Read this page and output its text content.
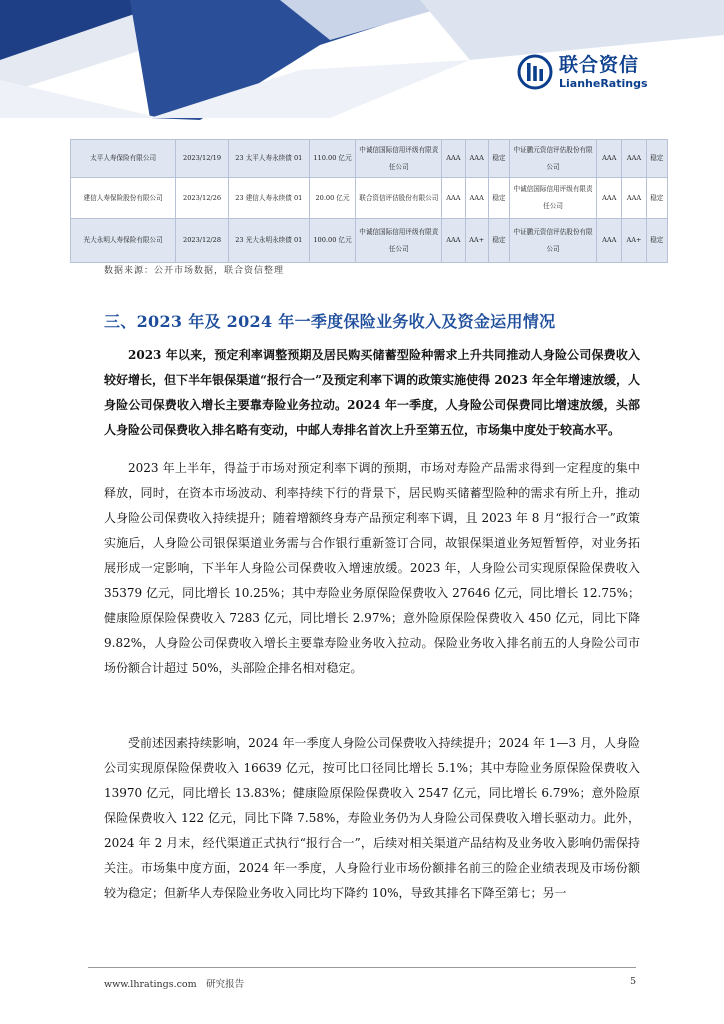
联合资信
LianheRatings
太平人寿保险有限公司	2023/12/19	23 太平人寿永续债 01	110.00 亿元	中诚信国际信用评级有限责任公司	AAA	AAA	稳定	中证鹏元资信评估股份有限公司	AAA	AAA	稳定
建信人寿保险股份有限公司	2023/12/26	23 建信人寿永续债 01	20.00 亿元	联合资信评估股份有限公司	AAA	AAA	稳定	中诚信国际信用评级有限责任公司	AAA	AAA	稳定
光大永明人寿保险有限公司	2023/12/28	23 光大永明永续债 01	100.00 亿元	中诚信国际信用评级有限责任公司	AAA	AA+	稳定	中证鹏元资信评估股份有限公司	AAA	AA+	稳定
数据来源：公开市场数据，联合资信整理
三、2023 年及 2024 年一季度保险业务收入及资金运用情况

2023 年以来，预定利率调整预期及居民购买储蓄型险种需求上升共同推动人身险公司保费收入较好增长，但下半年银保渠道“报行合一”及预定利率下调的政策实施使得 2023 年全年增速放缓，人身险公司保费收入增长主要靠寿险业务拉动。2024 年一季度，人身险公司保费同比增速放缓，头部人身险公司保费收入排名略有变动，中邮人寿排名首次上升至第五位，市场集中度处于较高水平。

2023 年上半年，得益于市场对预定利率下调的预期，市场对寿险产品需求得到一定程度的集中释放，同时，在资本市场波动、利率持续下行的背景下，居民购买储蓄型险种的需求有所上升，推动人身险公司保费收入持续提升；随着增额终身寿产品预定利率下调，且 2023 年 8 月“报行合一”政策实施后，人身险公司银保渠道业务需与合作银行重新签订合同，故银保渠道业务短暂暂停，对业务拓展形成一定影响，下半年人身险公司保费收入增速放缓。2023 年，人身险公司实现原保险保费收入 35379 亿元，同比增长 10.25%；其中寿险业务原保险保费收入 27646 亿元，同比增长 12.75%；健康险原保险保费收入 7283 亿元，同比增长 2.97%；意外险原保险保费收入 450 亿元，同比下降 9.82%，人身险公司保费收入增长主要靠寿险业务收入拉动。保险业务收入排名前五的人身险公司市场份额合计超过 50%，头部险企排名相对稳定。

受前述因素持续影响，2024 年一季度人身险公司保费收入持续提升；2024 年 1—3 月，人身险公司实现原保险保费收入 16639 亿元，按可比口径同比增长 5.1%；其中寿险业务原保险保费收入 13970 亿元，同比增长 13.83%；健康险原保险保费收入 2547 亿元，同比增长 6.79%；意外险原保险保费收入 122 亿元，同比下降 7.58%，寿险业务仍为人身险公司保费收入增长驱动力。此外，2024 年 2 月末，经代渠道正式执行“报行合一”，后续对相关渠道产品结构及业务收入影响仍需保持关注。市场集中度方面，2024 年一季度，人身险行业市场份额排名前三的险企业绩表现及市场份额较为稳定；但新华人寿保险业务收入同比均下降约 10%，导致其排名下降至第七；另一

www.lhratings.com　研究报告	5
